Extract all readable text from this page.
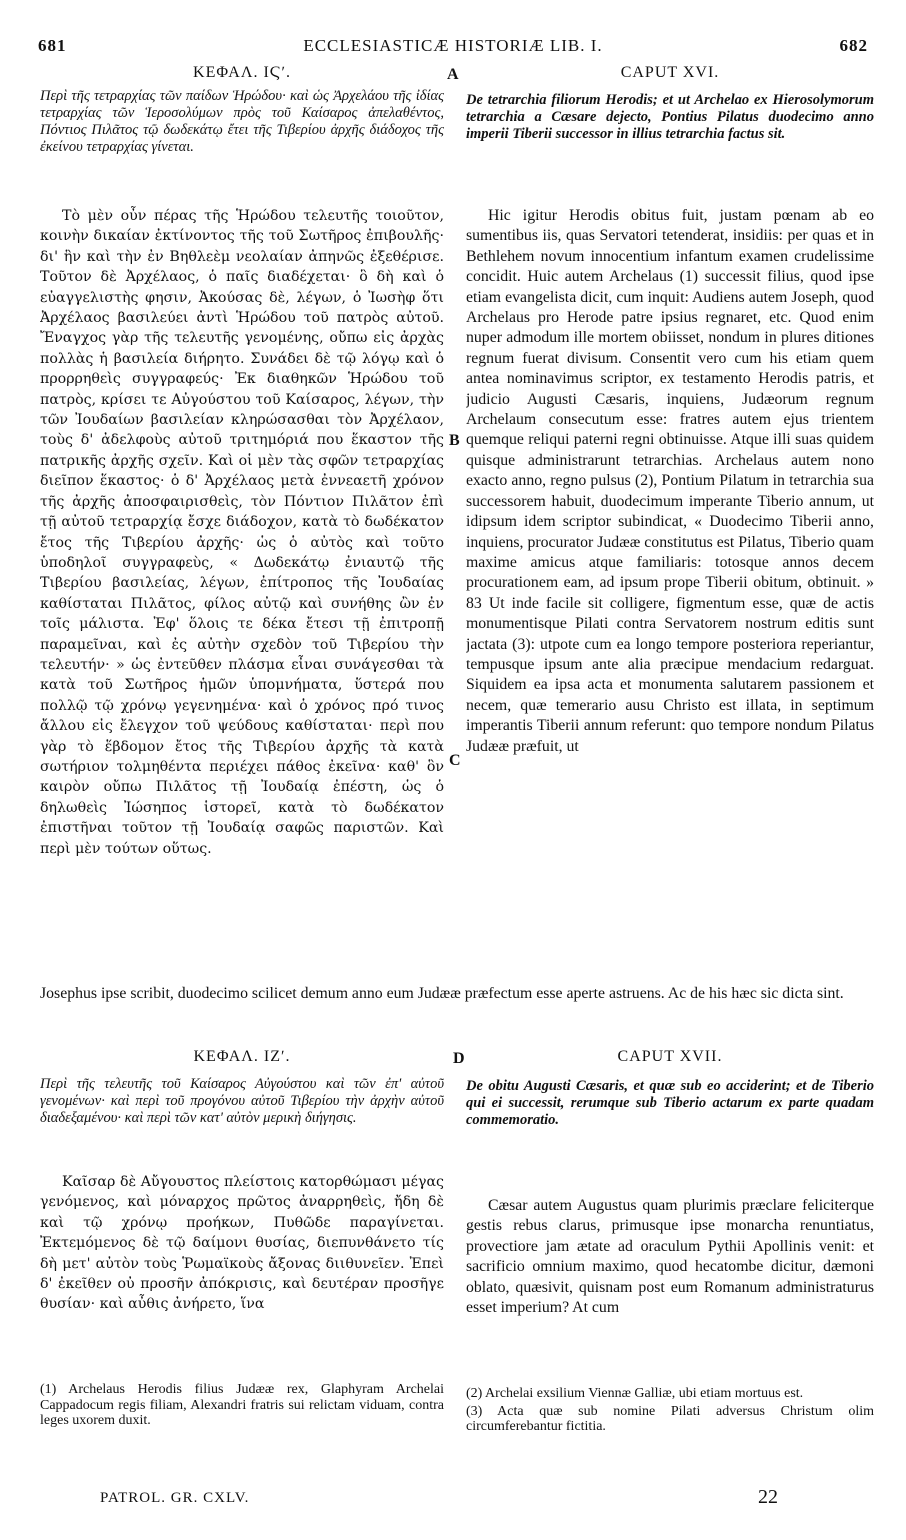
681	ECCLESIASTICÆ HISTORIÆ LIB. I.	682

ΚΕΦΑΛ. ΙϚʹ.	CAPUT XVI.

A

Περὶ τῆς τετραρχίας τῶν παίδων Ἡρώδου· καὶ ὡς Ἀρχελάου τῆς ἰδίας τετραρχίας τῶν Ἱεροσολύμων πρὸς τοῦ Καίσαρος ἀπελαθέντος, Πόντιος Πιλᾶτος τῷ δωδεκάτῳ ἔτει τῆς Τιβερίου ἀρχῆς διάδοχος τῆς ἐκείνου τετραρχίας γίνεται.

De tetrarchia filiorum Herodis; et ut Archelao ex Hierosolymorum tetrarchia a Cæsare dejecto, Pontius Pilatus duodecimo anno imperii Tiberii successor in illius tetrarchia factus sit.

Τὸ μὲν οὖν πέρας τῆς Ἡρώδου τελευτῆς τοιοῦτον, κοινὴν δικαίαν ἐκτίνοντος τῆς τοῦ Σωτῆρος ἐπιβουλῆς· δι' ἣν καὶ τὴν ἐν Βηθλεὲμ νεολαίαν ἀπηνῶς ἐξεθέρισε. Τοῦτον δὲ Ἀρχέλαος, ὁ παῖς διαδέχεται· ὃ δὴ καὶ ὁ εὐαγγελιστὴς φησιν, Ἀκούσας δὲ, λέγων, ὁ Ἰωσὴφ ὅτι Ἀρχέλαος βασιλεύει ἀντὶ Ἡρώδου τοῦ πατρὸς αὐτοῦ. Ἔναγχος γὰρ τῆς τελευτῆς γενομένης, οὔπω εἰς ἀρχὰς πολλὰς ἡ βασιλεία διήρητο. Συνάδει δὲ τῷ λόγῳ καὶ ὁ προρρηθεὶς συγγραφεύς· Ἐκ διαθηκῶν Ἡρώδου τοῦ πατρὸς, κρίσει τε Αὐγούστου τοῦ Καίσαρος, λέγων, τὴν τῶν Ἰουδαίων βασιλείαν κληρώσασθαι τὸν Ἀρχέλαον, τοὺς δ' ἀδελφοὺς αὐτοῦ τριτημόριά που ἕκαστον τῆς πατρικῆς ἀρχῆς σχεῖν. Καὶ οἱ μὲν τὰς σφῶν τετραρχίας διεῖπον ἕκαστος· ὁ δ' Ἀρχέλαος μετὰ ἐννεαετῆ χρόνον τῆς ἀρχῆς ἀποσφαιρισθεὶς, τὸν Πόντιον Πιλᾶτον ἐπὶ τῇ αὐτοῦ τετραρχίᾳ ἔσχε διάδοχον, κατὰ τὸ δωδέκατον ἔτος τῆς Τιβερίου ἀρχῆς· ὡς ὁ αὐτὸς καὶ τοῦτο ὑποδηλοῖ συγγραφεὺς, « Δωδεκάτῳ ἐνιαυτῷ τῆς Τιβερίου βασιλείας, λέγων, ἐπίτροπος τῆς Ἰουδαίας καθίσταται Πιλᾶτος, φίλος αὐτῷ καὶ συνήθης ὢν ἐν τοῖς μάλιστα. Ἐφ' ὅλοις τε δέκα ἔτεσι τῇ ἐπιτροπῇ παραμεῖναι, καὶ ἐς αὐτὴν σχεδὸν τοῦ Τιβερίου τὴν τελευτήν· » ὡς ἐντεῦθεν πλάσμα εἶναι συνάγεσθαι τὰ κατὰ τοῦ Σωτῆρος ἡμῶν ὑπομνήματα, ὕστερά που πολλῷ τῷ χρόνῳ γεγενημένα· καὶ ὁ χρόνος πρό τινος ἄλλου εἰς ἔλεγχον τοῦ ψεύδους καθίσταται· περὶ που γὰρ τὸ ἕβδομον ἔτος τῆς Τιβερίου ἀρχῆς τὰ κατὰ σωτήριον τολμηθέντα περιέχει πάθος ἐκεῖνα· καθ' ὃν καιρὸν οὔπω Πιλᾶτος τῇ Ἰουδαίᾳ ἐπέστη, ὡς ὁ δηλωθεὶς Ἰώσηπος ἱστορεῖ, κατὰ τὸ δωδέκατον ἐπιστῆναι τοῦτον τῇ Ἰουδαίᾳ σαφῶς παριστῶν. Καὶ περὶ μὲν τούτων οὕτως.

Hic igitur Herodis obitus fuit, justam pœnam ab eo sumentibus iis, quas Servatori tetenderat, insidiis: per quas et in Bethlehem novum innocentium infantum examen crudelissime concidit. Huic autem Archelaus (1) successit filius, quod ipse etiam evangelista dicit, cum inquit: Audiens autem Joseph, quod Archelaus pro Herode patre ipsius regnaret, etc. Quod enim nuper admodum ille mortem obiisset, nondum in plures ditiones regnum fuerat divisum. Consentit vero cum his etiam quem antea nominavimus scriptor, ex testamento Herodis patris, et judicio Augusti Cæsaris, inquiens, Judæorum regnum Archelaum consecutum esse: fratres autem ejus trientem quemque reliqui paterni regni obtinuisse. Atque illi suas quidem quisque administrarunt tetrarchias. Archelaus autem nono exacto anno, regno pulsus (2), Pontium Pilatum in tetrarchia sua successorem habuit, duodecimum imperante Tiberio annum, ut idipsum idem scriptor subindicat, « Duodecimo Tiberii anno, inquiens, procurator Judææ constitutus est Pilatus, Tiberio quam maxime amicus atque familiaris: totosque annos decem procurationem eam, ad ipsum prope Tiberii obitum, obtinuit. » 83 Ut inde facile sit colligere, figmentum esse, quæ de actis monumentisque Pilati contra Servatorem nostrum editis sunt jactata (3): utpote cum ea longo tempore posteriora reperiantur, tempusque ipsum ante alia præcipue mendacium redarguat. Siquidem ea ipsa acta et monumenta salutarem passionem et necem, quæ temerario ausu Christo est illata, in septimum imperantis Tiberii annum referunt: quo tempore nondum Pilatus Judææ præfuit, ut

B
C

Josephus ipse scribit, duodecimo scilicet demum anno eum Judææ præfectum esse aperte astruens. Ac de his hæc sic dicta sint.

ΚΕΦΑΛ. ΙΖʹ.	D	CAPUT XVII.

Περὶ τῆς τελευτῆς τοῦ Καίσαρος Αὐγούστου καὶ τῶν ἐπ' αὐτοῦ γενομένων· καὶ περὶ τοῦ προγόνου αὐτοῦ Τιβερίου τὴν ἀρχὴν αὐτοῦ διαδεξαμένου· καὶ περὶ τῶν κατ' αὐτὸν μερικὴ διήγησις.

De obitu Augusti Cæsaris, et quæ sub eo acciderint; et de Tiberio qui ei successit, rerumque sub Tiberio actarum ex parte quadam commemoratio.

Καῖσαρ δὲ Αὔγουστος πλείστοις κατορθώμασι μέγας γενόμενος, καὶ μόναρχος πρῶτος ἀναρρηθεὶς, ἤδη δὲ καὶ τῷ χρόνῳ προήκων, Πυθῶδε παραγίνεται. Ἐκτεμόμενος δὲ τῷ δαίμονι θυσίας, διεπυνθάνετο τίς δὴ μετ' αὐτὸν τοὺς Ῥωμαϊκοὺς ἄξονας διιθυνεῖεν. Ἐπεὶ δ' ἐκεῖθεν οὐ προσῆν ἀπόκρισις, καὶ δευτέραν προσῆγε θυσίαν· καὶ αὖθις ἀνήρετο, ἵνα

Cæsar autem Augustus quam plurimis præclare feliciterque gestis rebus clarus, primusque ipse monarcha renuntiatus, provectiore jam ætate ad oraculum Pythii Apollinis venit: et sacrificio omnium maximo, quod hecatombe dicitur, dæmoni oblato, quæsivit, quisnam post eum Romanum administraturus esset imperium? At cum

(1) Archelaus Herodis filius Judææ rex, Glaphyram Archelai Cappadocum regis filiam, Alexandri fratris sui relictam viduam, contra leges uxorem duxit.

(2) Archelai exsilium Viennæ Galliæ, ubi etiam mortuus est.

(3) Acta quæ sub nomine Pilati adversus Christum olim circumferebantur fictitia.

PATROL. GR. CXLV.	22
